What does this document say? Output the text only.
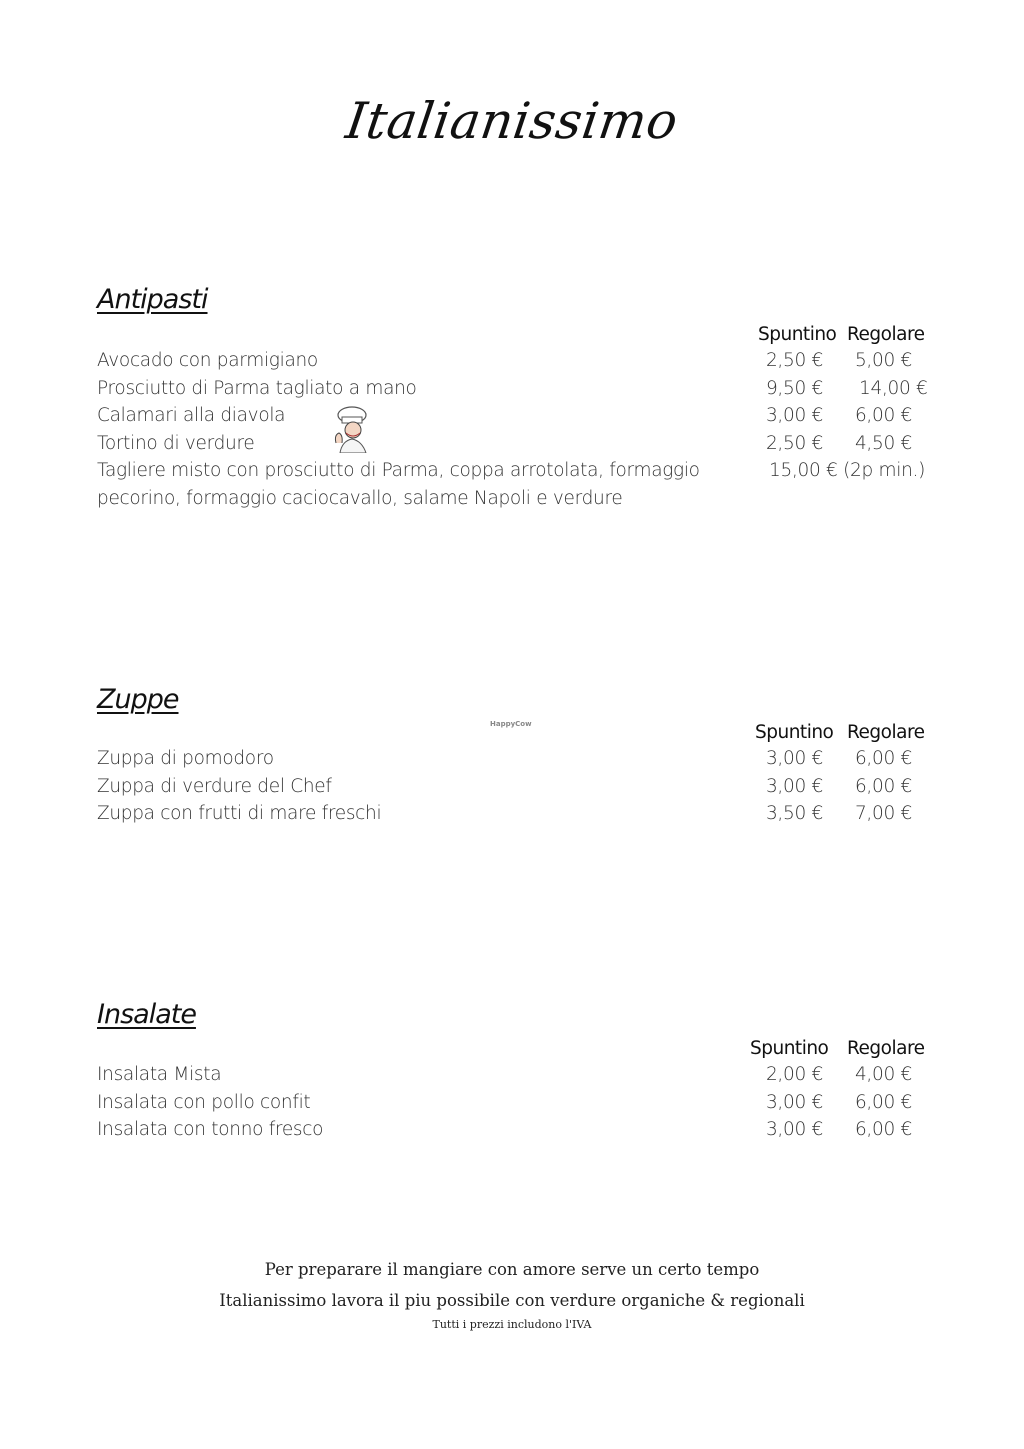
Italianissimo
Antipasti
Spuntino Regolare
Avocado con parmigiano	2,50 € 5,00 €
Prosciutto di Parma tagliato a mano	9,50 € 14,00 €
Calamari alla diavola	3,00 € 6,00 €
Tortino di verdure	2,50 € 4,50 €
Tagliere misto con prosciutto di Parma, coppa arrotolata, formaggio	15,00 € (2p min.)
pecorino, formaggio caciocavallo, salame Napoli e verdure
Zuppe
HappyCow	Spuntino Regolare
Zuppa di pomodoro	3,00 € 6,00 €
Zuppa di verdure del Chef	3,00 € 6,00 €
Zuppa con frutti di mare freschi	3,50 € 7,00 €
Insalate
Spuntino Regolare
Insalata Mista	2,00 € 4,00 €
Insalata con pollo confit	3,00 € 6,00 €
Insalata con tonno fresco	3,00 € 6,00 €
Per preparare il mangiare con amore serve un certo tempo
Italianissimo lavora il piu possibile con verdure organiche & regionali
Tutti i prezzi includono l'IVA
